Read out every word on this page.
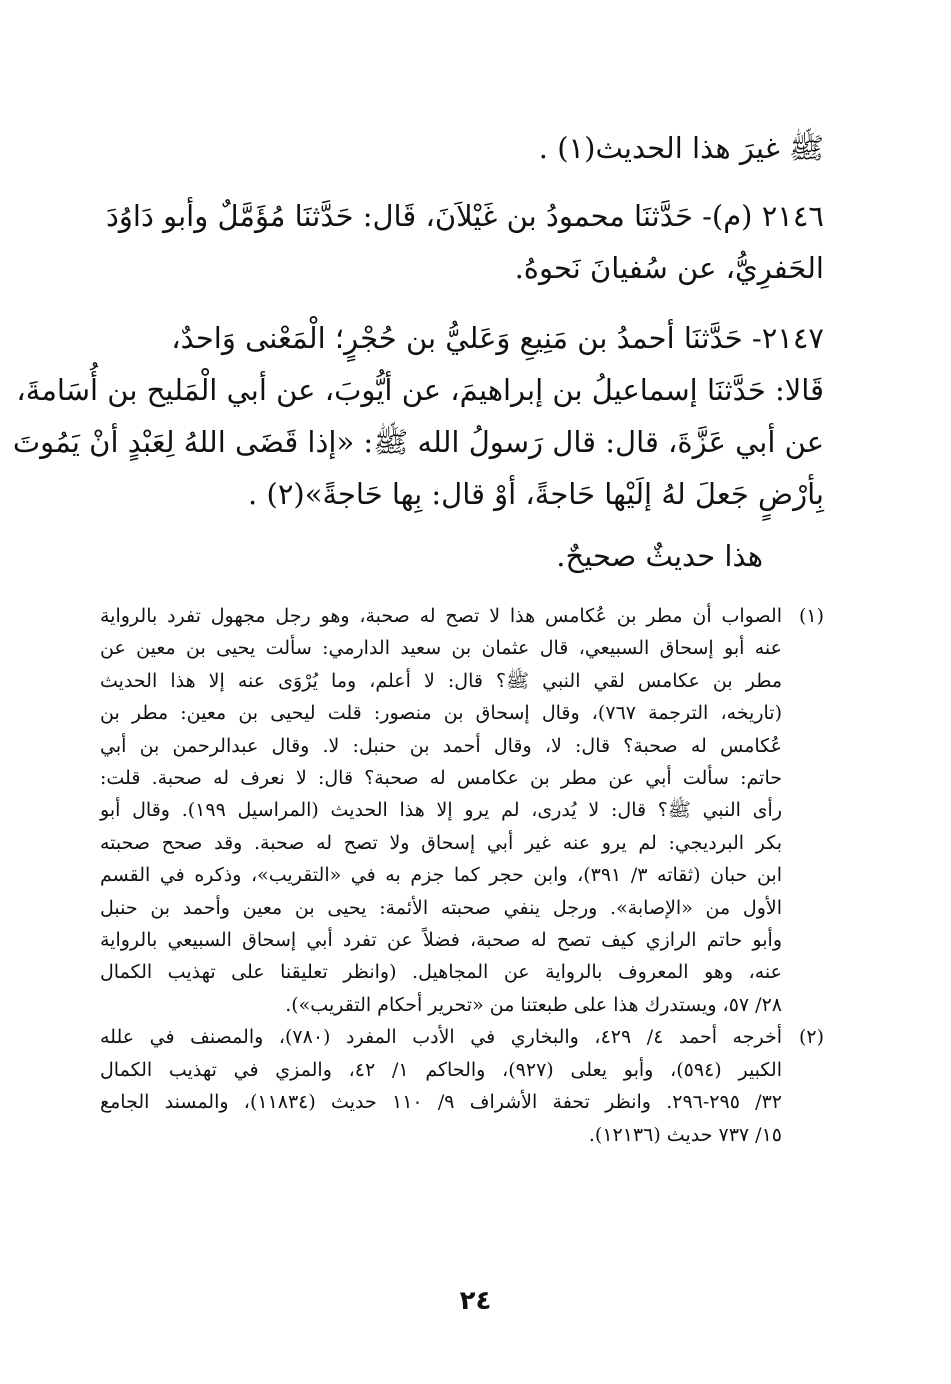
ﷺ غيرَ هذا الحديث(١) .

٢١٤٦ (م)- حَدَّثنَا محمودُ بن غَيْلاَنَ، قَال: حَدَّثنَا مُؤَمَّلٌ وأبو دَاوُدَ
الحَفرِيُّ، عن سُفيانَ نَحوهُ.

٢١٤٧- حَدَّثنَا أحمدُ بن مَنِيعِ وَعَليُّ بن حُجْرٍ؛ الْمَعْنى وَاحدٌ،
قَالا: حَدَّثنَا إسماعيلُ بن إبراهيمَ، عن أيُّوبَ، عن أبي الْمَليح بن أُسَامةَ،
عن أبي عَزَّةَ، قال: قال رَسولُ الله ﷺ: «إذا قَضَى اللهُ لِعَبْدٍ أنْ يَمُوتَ
بِأرْضٍ جَعلَ لهُ إلَيْها حَاجةً، أوْ قال: بِها حَاجةً»(٢) .

هذا حديثٌ صحيحٌ.

(١)
الصواب أن مطر بن عُكامس هذا لا تصح له صحبة، وهو رجل مجهول تفرد بالرواية
عنه أبو إسحاق السبيعي، قال عثمان بن سعيد الدارمي: سألت يحيى بن معين عن
مطر بن عكامس لقي النبي ﷺ؟ قال: لا أعلم، وما يُرْوَى عنه إلا هذا الحديث
(تاريخه، الترجمة ٧٦٧)، وقال إسحاق بن منصور: قلت ليحيى بن معين: مطر بن
عُكامس له صحبة؟ قال: لا، وقال أحمد بن حنبل: لا. وقال عبدالرحمن بن أبي
حاتم: سألت أبي عن مطر بن عكامس له صحبة؟ قال: لا نعرف له صحبة. قلت:
رأى النبي ﷺ؟ قال: لا يُدرى، لم يرو إلا هذا الحديث (المراسيل ١٩٩). وقال أبو
بكر البرديجي: لم يرو عنه غير أبي إسحاق ولا تصح له صحبة. وقد صحح صحبته
ابن حبان (ثقاته ٣/ ٣٩١)، وابن حجر كما جزم به في «التقريب»، وذكره في القسم
الأول من «الإصابة». ورجل ينفي صحبته الأئمة: يحيى بن معين وأحمد بن حنبل
وأبو حاتم الرازي كيف تصح له صحبة، فضلاً عن تفرد أبي إسحاق السبيعي بالرواية
عنه، وهو المعروف بالرواية عن المجاهيل. (وانظر تعليقنا على تهذيب الكمال
٢٨/ ٥٧، ويستدرك هذا على طبعتنا من «تحرير أحكام التقريب»).
(٢)
أخرجه أحمد ٤/ ٤٢٩، والبخاري في الأدب المفرد (٧٨٠)، والمصنف في علله
الكبير (٥٩٤)، وأبو يعلى (٩٢٧)، والحاكم ١/ ٤٢، والمزي في تهذيب الكمال
٣٢/ ٢٩٥-٢٩٦. وانظر تحفة الأشراف ٩/ ١١٠ حديث (١١٨٣٤)، والمسند الجامع
١٥/ ٧٣٧ حديث (١٢١٣٦).
٢٤
